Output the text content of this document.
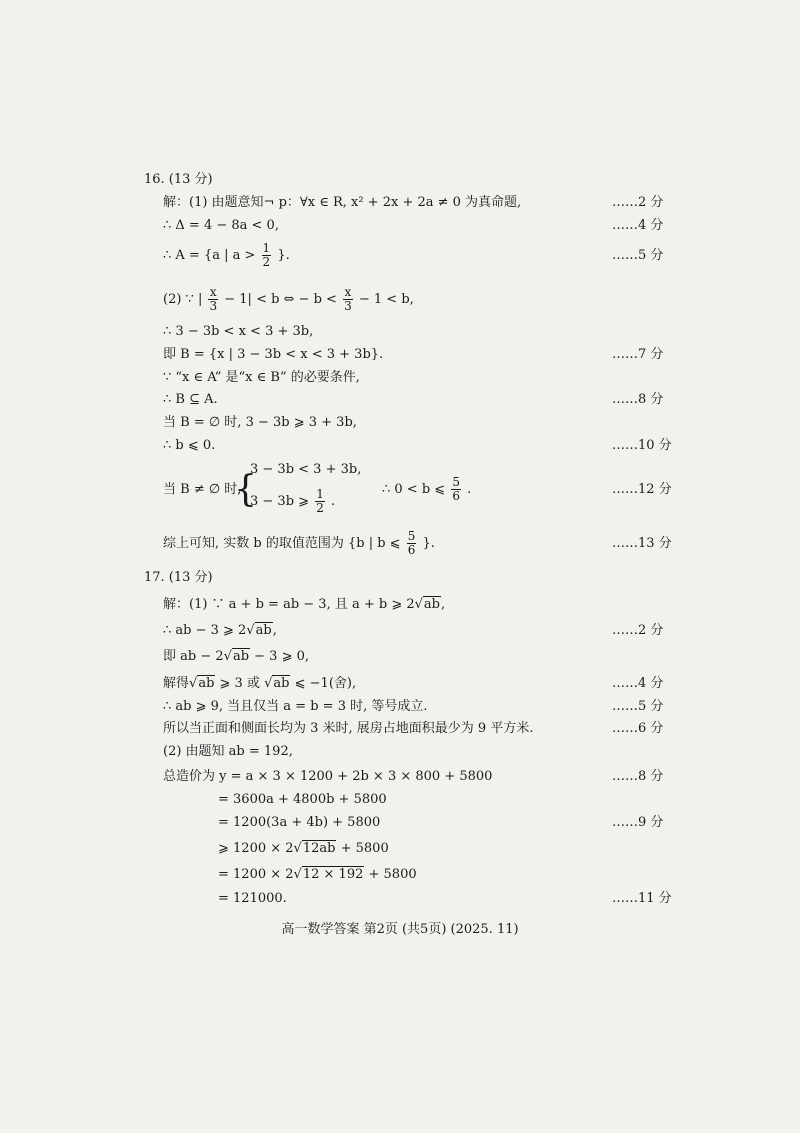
16. (13 分)
解：(1) 由题意知¬ p：∀x ∈ R, x² + 2x + 2a ≠ 0 为真命题,	……2 分
∴ Δ = 4 − 8a < 0,	……4 分
∴ A = {a | $a > \frac{1}{2}$ }.	……5 分
(2) ∵ | $\frac{x}{3} - 1| < b$ ⇔ − $b < \frac{x}{3} - 1 < b$,
∴ 3 − 3b < x < 3 + 3b,
即 B = {x | 3 − 3b < x < 3 + 3b}.	……7 分
∵ “x ∈ A” 是“x ∈ B” 的必要条件,
∴ B ⊆ A.	……8 分
当 B = ∅ 时, 3 − 3b ⩾ 3 + 3b,
∴ b ⩽ 0.	……10 分
当 B ≠ ∅ 时,
{
3 − 3b < 3 + 3b,
3 − 3b ⩾ $\frac{1}{2}$ .
∴ 0 < b ⩽ $\frac{5}{6}$ .	……12 分
综上可知, 实数 b 的取值范围为 {b | b ⩽ $\frac{5}{6}$ }.	……13 分
17. (13 分)
解：(1) ∵ a + b = ab − 3, 且 a + b ⩾ 2√ab,
∴ ab − 3 ⩾ 2√ab,	……2 分
即 ab − 2√ab − 3 ⩾ 0,
解得√ab ⩾ 3 或 √ab ⩽ −1(舍),	……4 分
∴ ab ⩾ 9, 当且仅当 a = b = 3 时, 等号成立.	……5 分
所以当正面和侧面长均为 3 米时, 展房占地面积最少为 9 平方米.	……6 分
(2) 由题知 ab = 192,
总造价为 y = a × 3 × 1200 + 2b × 3 × 800 + 5800	……8 分
= 3600a + 4800b + 5800
= 1200(3a + 4b) + 5800	……9 分
⩾ 1200 × 2√12ab + 5800
= 1200 × 2√12 × 192 + 5800
= 121000.	……11 分
高一数学答案 第2页 (共5页) (2025. 11)
